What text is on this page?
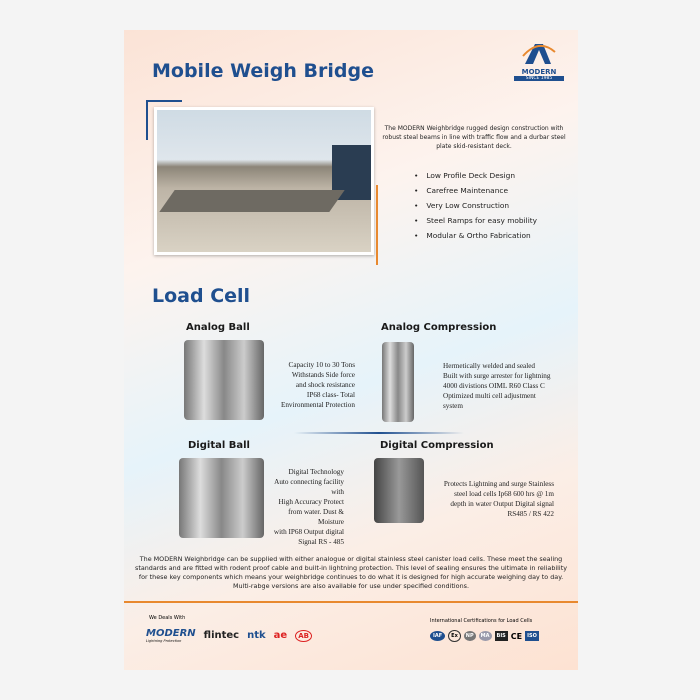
Mobile Weigh Bridge	MODERN
SINCE 1985

The MODERN Weighbridge rugged design construction with robust steal beams in line with traffic flow and a durbar steel plate skid-resistant deck.

• Low Profile Deck Design
• Carefree Maintenance
• Very Low Construction
• Steel Ramps for easy mobility
• Modular & Ortho Fabrication
Load Cell
Analog Ball
Capacity 10 to 30 Tons
Withstands Side force
and shock resistance
IP68 class- Total
Environmental Protection
Analog Compression
Hermetically welded and sealed
Built with surge arrester for lightning
4000 divistions OIML R60 Class C
Optimized multi cell adjustment
system
Digital Ball
Digital Technology
Auto connecting facility with
High Accuracy Protect
from water. Dust & Moisture
with IP68 Output digital
Signal RS - 485
Digital Compression
Protects Lightning and surge Stainless
steel load cells Ip68 600 hrs @ 1m
depth in water Output Digital signal
RS485 / RS 422

The MODERN Weighbridge can be supplied with either analogue or digital stainless steel canister load cells. These meet the sealing standards and are fitted with rodent proof cable and built-in lightning protection. This level of sealing ensures the ultimate in reliability for these key components which means your weighbridge continues to do what it is designed for high accurate weighing day to day. Multi-rabge versions are also available for use under specified conditions.

We Deals With
MODERN
Lightning Protection	flintec ntk ae	AB
International Certifications for Load Cells
IAF	Ex	NP	MA	BIS CE	ISO
